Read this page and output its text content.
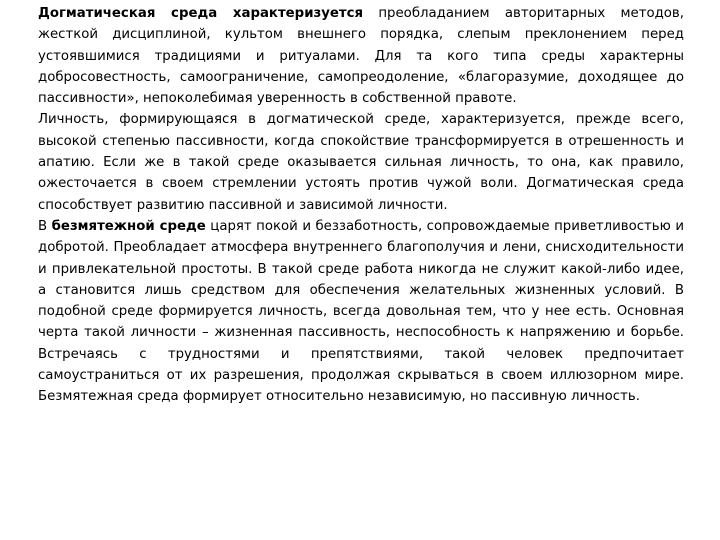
Догматическая среда характеризуется преобладанием авторитарных методов, жесткой дисциплиной, культом внешнего порядка, слепым преклонением перед устоявшимися традициями и ритуалами. Для та кого типа среды характерны добросовестность, самоограничение, самопреодоление, «благоразумие, доходящее до пассивности», непоколебимая уверенность в собственной правоте.

Личность, формирующаяся в догматической среде, характеризуется, прежде всего, высокой степенью пассивности, когда спокойствие трансформируется в отрешенность и апатию. Если же в такой среде оказывается сильная личность, то она, как правило, ожесточается в своем стремлении устоять против чужой воли. Догматическая среда способствует развитию пассивной и зависимой личности.

В безмятежной среде царят покой и беззаботность, сопровождаемые приветливостью и добротой. Преобладает атмосфера внутреннего благополучия и лени, снисходительности и привлекательной простоты. В такой среде работа никогда не служит какой-либо идее, а становится лишь средством для обеспечения желательных жизненных условий. В подобной среде формируется личность, всегда довольная тем, что у нее есть. Основная черта такой личности – жизненная пассивность, неспособность к напряжению и борьбе. Встречаясь с трудностями и препятствиями, такой человек предпочитает самоустраниться от их разрешения, продолжая скрываться в своем иллюзорном мире. Безмятежная среда формирует относительно независимую, но пассивную личность.
